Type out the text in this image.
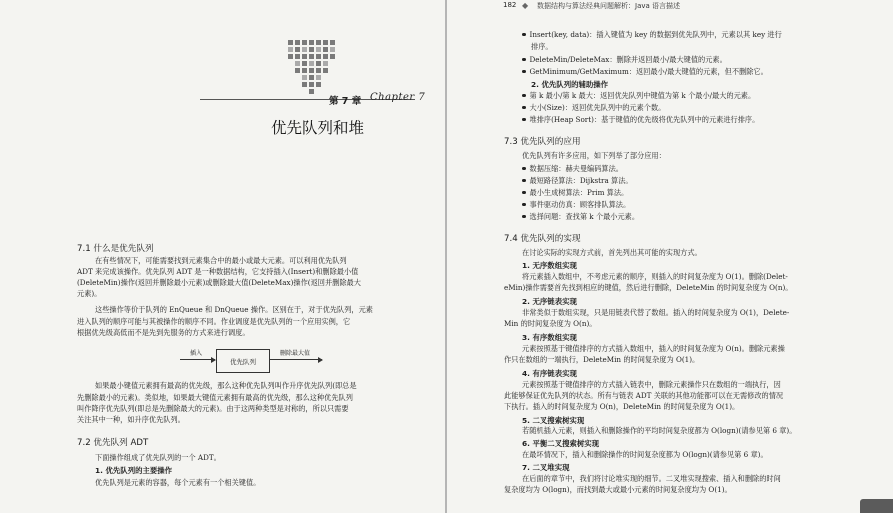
第 7 章 Chapter 7
优先队列和堆
7.1 什么是优先队列
在有些情况下，可能需要找到元素集合中的最小或最大元素。可以利用优先队列
ADT 来完成该操作。优先队列 ADT 是一种数据结构，它支持插入(Insert)和删除最小值
(DeleteMin)操作(返回并删除最小元素)或删除最大值(DeleteMax)操作(返回并删除最大
元素)。
这些操作等价于队列的 EnQueue 和 DnQueue 操作。区别在于，对于优先队列，元素
进入队列的顺序可能与其被操作的顺序不同。作业调度是优先队列的一个应用实例，它
根据优先级高低而不是先到先服务的方式来进行调度。
插入
优先队列
删除最大值
如果最小键值元素拥有最高的优先级，那么这种优先队列叫作升序优先队列(即总是
先删除最小的元素)。类似地，如果最大键值元素拥有最高的优先级，那么这种优先队列
叫作降序优先队列(即总是先删除最大的元素)。由于这两种类型是对称的，所以只需要
关注其中一种，如升序优先队列。
7.2 优先队列 ADT
下面操作组成了优先队列的一个 ADT。
1. 优先队列的主要操作
优先队列是元素的容器，每个元素有一个相关键值。
182 ◆ 数据结构与算法经典问题解析：Java 语言描述
Insert(key, data)：插入键值为 key 的数据到优先队列中，元素以其 key 进行
排序。
DeleteMin/DeleteMax：删除并返回最小/最大键值的元素。
GetMinimum/GetMaximum：返回最小/最大键值的元素，但不删除它。
2. 优先队列的辅助操作
第 k 最小/第 k 最大：返回优先队列中键值为第 k 个最小/最大的元素。
大小(Size)：返回优先队列中的元素个数。
堆排序(Heap Sort)：基于键值的优先级将优先队列中的元素进行排序。
7.3 优先队列的应用
优先队列有许多应用，如下列举了部分应用：
数据压缩：赫夫曼编码算法。
最短路径算法：Dijkstra 算法。
最小生成树算法：Prim 算法。
事件驱动仿真：顾客排队算法。
选择问题：查找第 k 个最小元素。
7.4 优先队列的实现
在讨论实际的实现方式前，首先列出其可能的实现方式。
1. 无序数组实现
将元素插入数组中，不考虑元素的顺序，则插入的时间复杂度为 O(1)。删除(Delet-
eMin)操作需要首先找到相应的键值，然后进行删除，DeleteMin 的时间复杂度为 O(n)。
2. 无序链表实现
非常类似于数组实现，只是用链表代替了数组。插入的时间复杂度为 O(1)，Delete-
Min 的时间复杂度为 O(n)。
3. 有序数组实现
元素按照基于键值排序的方式插入数组中，插入的时间复杂度为 O(n)。删除元素操
作只在数组的一端执行，DeleteMin 的时间复杂度为 O(1)。
4. 有序链表实现
元素按照基于键值排序的方式插入链表中，删除元素操作只在数组的一端执行，因
此能够保证优先队列的状态。所有与链表 ADT 关联的其他功能都可以在无需修改的情况
下执行。插入的时间复杂度为 O(n)，DeleteMin 的时间复杂度为 O(1)。
5. 二叉搜索树实现
若随机插入元素，则插入和删除操作的平均时间复杂度都为 O(logn)(请参见第 6 章)。
6. 平衡二叉搜索树实现
在最坏情况下，插入和删除操作的时间复杂度都为 O(logn)(请参见第 6 章)。
7. 二叉堆实现
在后面的章节中，我们将讨论堆实现的细节。二叉堆实现搜索、插入和删除的时间
复杂度均为 O(logn)，而找到最大或最小元素的时间复杂度均为 O(1)。
